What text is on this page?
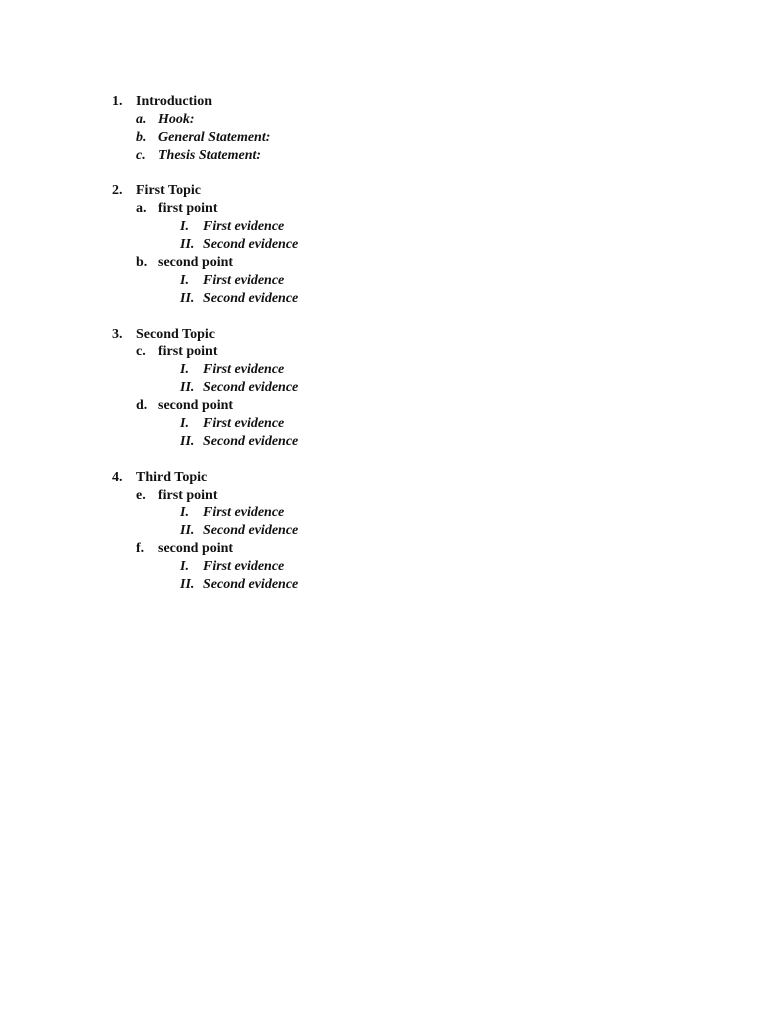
1. Introduction
a. Hook:
b. General Statement:
c. Thesis Statement:
2. First Topic
a. first point
I. First evidence
II. Second evidence
b. second point
I. First evidence
II. Second evidence
3. Second Topic
c. first point
I. First evidence
II. Second evidence
d. second point
I. First evidence
II. Second evidence
4. Third Topic
e. first point
I. First evidence
II. Second evidence
f. second point
I. First evidence
II. Second evidence
